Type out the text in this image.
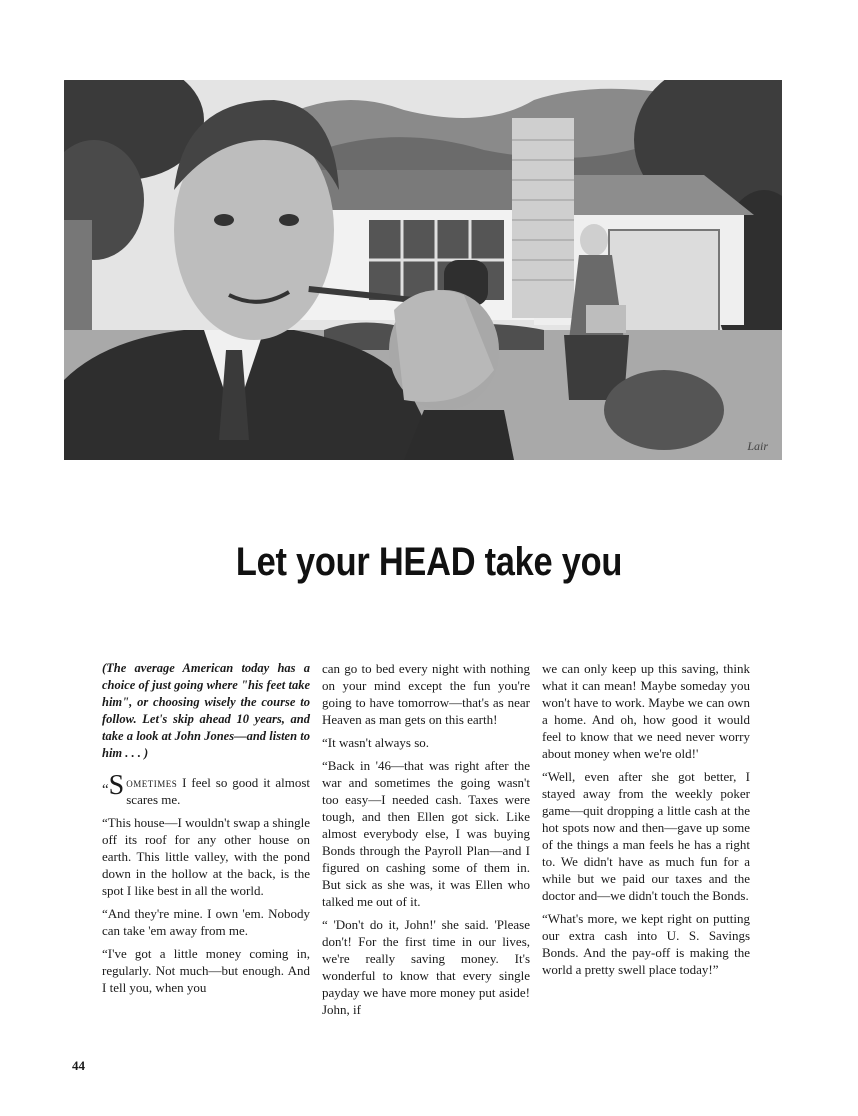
Lair
Let your HEAD take you

(The average American today has a choice of just going where "his feet take him", or choosing wisely the course to follow. Let's skip ahead 10 years, and take a look at John Jones—and listen to him . . . )

“S ometimes I feel so good it almost scares me.

“This house—I wouldn't swap a shingle off its roof for any other house on earth. This little valley, with the pond down in the hollow at the back, is the spot I like best in all the world.

“And they're mine. I own 'em. Nobody can take 'em away from me.

“I've got a little money coming in, regularly. Not much—but enough. And I tell you, when you

can go to bed every night with nothing on your mind except the fun you're going to have tomorrow—that's as near Heaven as man gets on this earth!

“It wasn't always so.

“Back in '46—that was right after the war and sometimes the going wasn't too easy—I needed cash. Taxes were tough, and then Ellen got sick. Like almost everybody else, I was buying Bonds through the Payroll Plan—and I figured on cashing some of them in. But sick as she was, it was Ellen who talked me out of it.

“ 'Don't do it, John!' she said. 'Please don't! For the first time in our lives, we're really saving money. It's wonderful to know that every single payday we have more money put aside! John, if

we can only keep up this saving, think what it can mean! Maybe someday you won't have to work. Maybe we can own a home. And oh, how good it would feel to know that we need never worry about money when we're old!'

“Well, even after she got better, I stayed away from the weekly poker game—quit dropping a little cash at the hot spots now and then—gave up some of the things a man feels he has a right to. We didn't have as much fun for a while but we paid our taxes and the doctor and—we didn't touch the Bonds.

“What's more, we kept right on putting our extra cash into U. S. Savings Bonds. And the pay-off is making the world a pretty swell place today!”

44
